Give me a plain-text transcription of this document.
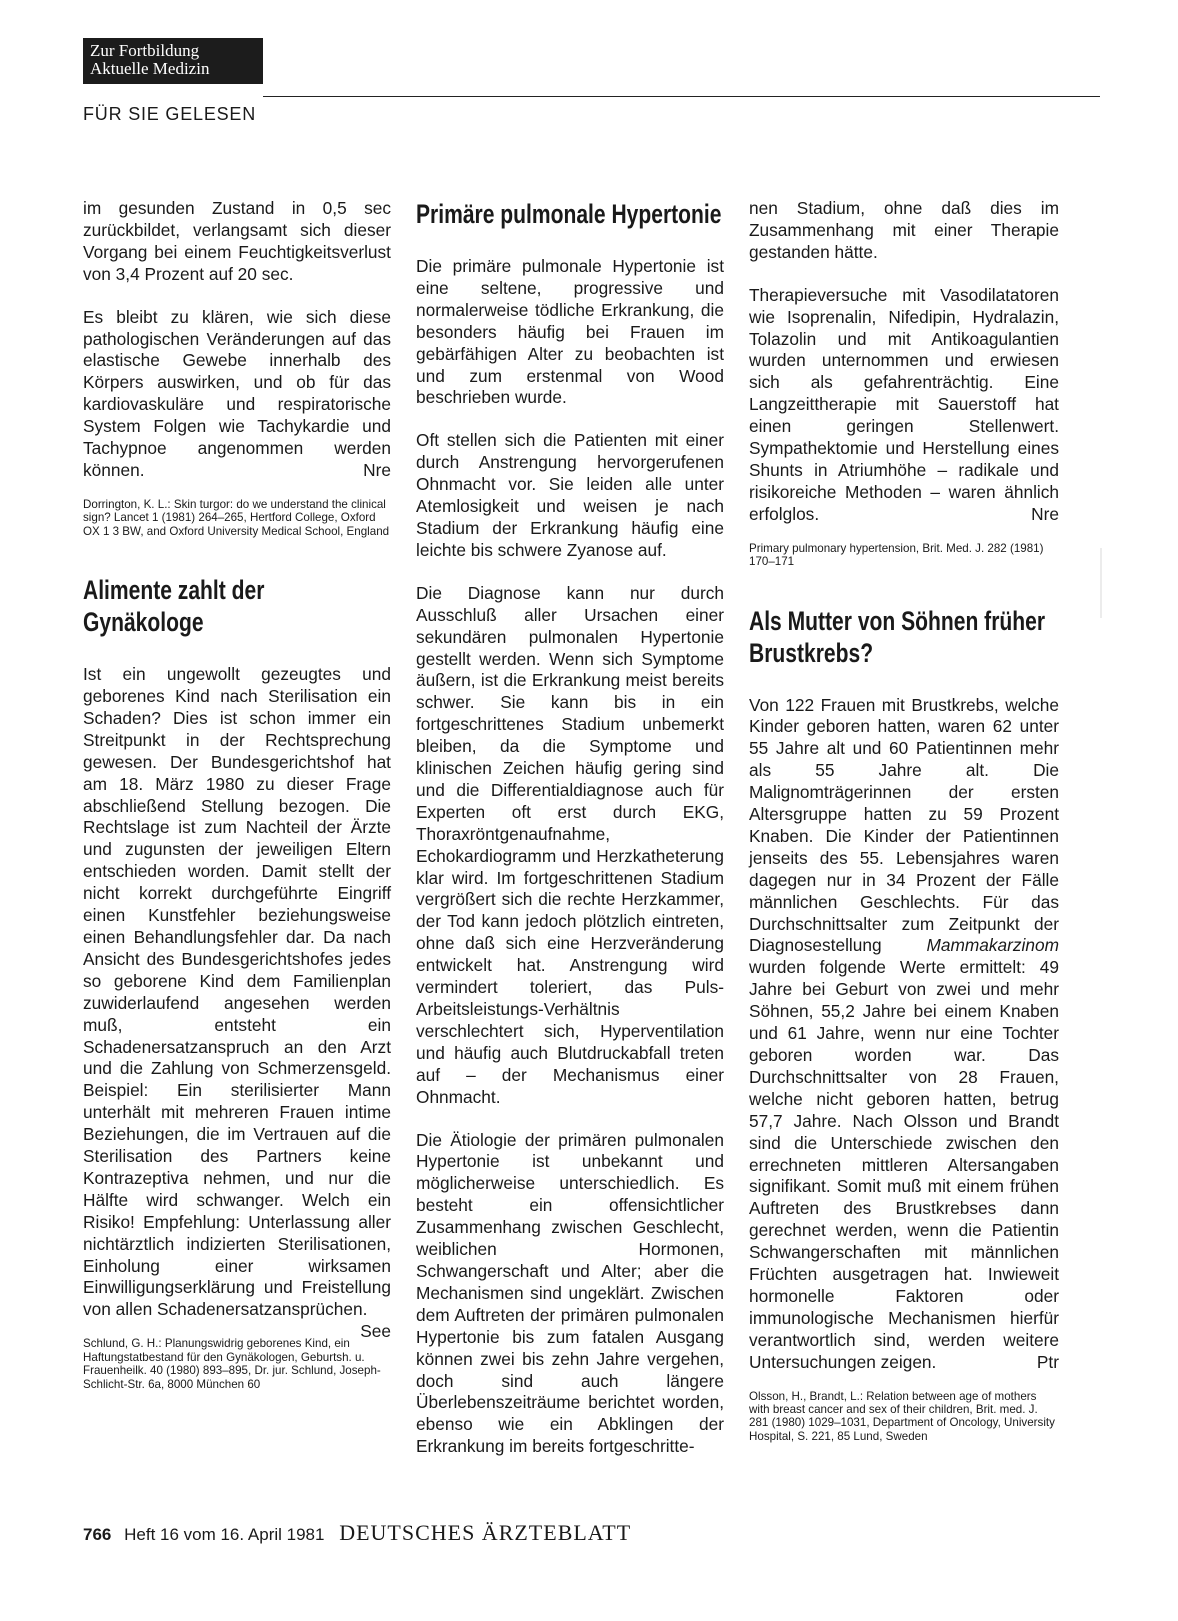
Zur Fortbildung
Aktuelle Medizin
FÜR SIE GELESEN

im gesunden Zustand in 0,5 sec zurückbildet, verlangsamt sich dieser Vorgang bei einem Feuchtigkeitsverlust von 3,4 Prozent auf 20 sec.

Es bleibt zu klären, wie sich diese pathologischen Veränderungen auf das elastische Gewebe innerhalb des Körpers auswirken, und ob für das kardiovaskuläre und respiratorische System Folgen wie Tachykardie und Tachypnoe angenommen werden können.	Nre

Dorrington, K. L.: Skin turgor: do we understand the clinical sign? Lancet 1 (1981) 264–265, Hertford College, Oxford OX 1 3 BW, and Oxford University Medical School, England

Alimente zahlt der Gynäkologe

Ist ein ungewollt gezeugtes und geborenes Kind nach Sterilisation ein Schaden? Dies ist schon immer ein Streitpunkt in der Rechtsprechung gewesen. Der Bundesgerichtshof hat am 18. März 1980 zu dieser Frage abschließend Stellung bezogen. Die Rechtslage ist zum Nachteil der Ärzte und zugunsten der jeweiligen Eltern entschieden worden. Damit stellt der nicht korrekt durchgeführte Eingriff einen Kunstfehler beziehungsweise einen Behandlungsfehler dar. Da nach Ansicht des Bundesgerichtshofes jedes so geborene Kind dem Familienplan zuwiderlaufend angesehen werden muß, entsteht ein Schadenersatzanspruch an den Arzt und die Zahlung von Schmerzensgeld. Beispiel: Ein sterilisierter Mann unterhält mit mehreren Frauen intime Beziehungen, die im Vertrauen auf die Sterilisation des Partners keine Kontrazeptiva nehmen, und nur die Hälfte wird schwanger. Welch ein Risiko! Empfehlung: Unterlassung aller nichtärztlich indizierten Sterilisationen, Einholung einer wirksamen Einwilligungserklärung und Freistellung von allen Schadenersatzansprüchen.
See

Schlund, G. H.: Planungswidrig geborenes Kind, ein Haftungstatbestand für den Gynäkologen, Geburtsh. u. Frauenheilk. 40 (1980) 893–895, Dr. jur. Schlund, Joseph-Schlicht-Str. 6a, 8000 München 60

Primäre pulmonale Hypertonie

Die primäre pulmonale Hypertonie ist eine seltene, progressive und normalerweise tödliche Erkrankung, die besonders häufig bei Frauen im gebärfähigen Alter zu beobachten ist und zum erstenmal von Wood beschrieben wurde.

Oft stellen sich die Patienten mit einer durch Anstrengung hervorgerufenen Ohnmacht vor. Sie leiden alle unter Atemlosigkeit und weisen je nach Stadium der Erkrankung häufig eine leichte bis schwere Zyanose auf.

Die Diagnose kann nur durch Ausschluß aller Ursachen einer sekundären pulmonalen Hypertonie gestellt werden. Wenn sich Symptome äußern, ist die Erkrankung meist bereits schwer. Sie kann bis in ein fortgeschrittenes Stadium unbemerkt bleiben, da die Symptome und klinischen Zeichen häufig gering sind und die Differentialdiagnose auch für Experten oft erst durch EKG, Thoraxröntgenaufnahme, Echokardiogramm und Herzkatheterung klar wird. Im fortgeschrittenen Stadium vergrößert sich die rechte Herzkammer, der Tod kann jedoch plötzlich eintreten, ohne daß sich eine Herzveränderung entwickelt hat. Anstrengung wird vermindert toleriert, das Puls-Arbeitsleistungs-Verhältnis verschlechtert sich, Hyperventilation und häufig auch Blutdruckabfall treten auf – der Mechanismus einer Ohnmacht.

Die Ätiologie der primären pulmonalen Hypertonie ist unbekannt und möglicherweise unterschiedlich. Es besteht ein offensichtlicher Zusammenhang zwischen Geschlecht, weiblichen Hormonen, Schwangerschaft und Alter; aber die Mechanismen sind ungeklärt. Zwischen dem Auftreten der primären pulmonalen Hypertonie bis zum fatalen Ausgang können zwei bis zehn Jahre vergehen, doch sind auch längere Überlebenszeiträume berichtet worden, ebenso wie ein Abklingen der Erkrankung im bereits fortgeschritte-

nen Stadium, ohne daß dies im Zusammenhang mit einer Therapie gestanden hätte.

Therapieversuche mit Vasodilatatoren wie Isoprenalin, Nifedipin, Hydralazin, Tolazolin und mit Antikoagulantien wurden unternommen und erwiesen sich als gefahrenträchtig. Eine Langzeittherapie mit Sauerstoff hat einen geringen Stellenwert. Sympathektomie und Herstellung eines Shunts in Atriumhöhe – radikale und risikoreiche Methoden – waren ähnlich erfolglos.	Nre

Primary pulmonary hypertension, Brit. Med. J. 282 (1981) 170–171

Als Mutter von Söhnen früher Brustkrebs?

Von 122 Frauen mit Brustkrebs, welche Kinder geboren hatten, waren 62 unter 55 Jahre alt und 60 Patientinnen mehr als 55 Jahre alt. Die Malignomträgerinnen der ersten Altersgruppe hatten zu 59 Prozent Knaben. Die Kinder der Patientinnen jenseits des 55. Lebensjahres waren dagegen nur in 34 Prozent der Fälle männlichen Geschlechts. Für das Durchschnittsalter zum Zeitpunkt der Diagnosestellung Mammakarzinom wurden folgende Werte ermittelt: 49 Jahre bei Geburt von zwei und mehr Söhnen, 55,2 Jahre bei einem Knaben und 61 Jahre, wenn nur eine Tochter geboren worden war. Das Durchschnittsalter von 28 Frauen, welche nicht geboren hatten, betrug 57,7 Jahre. Nach Olsson und Brandt sind die Unterschiede zwischen den errechneten mittleren Altersangaben signifikant. Somit muß mit einem frühen Auftreten des Brustkrebses dann gerechnet werden, wenn die Patientin Schwangerschaften mit männlichen Früchten ausgetragen hat. Inwieweit hormonelle Faktoren oder immunologische Mechanismen hierfür verantwortlich sind, werden weitere Untersuchungen zeigen.	Ptr

Olsson, H., Brandt, L.: Relation between age of mothers with breast cancer and sex of their children, Brit. med. J. 281 (1980) 1029–1031, Department of Oncology, University Hospital, S. 221, 85 Lund, Sweden

766 Heft 16 vom 16. April 1981 DEUTSCHES ÄRZTEBLATT
